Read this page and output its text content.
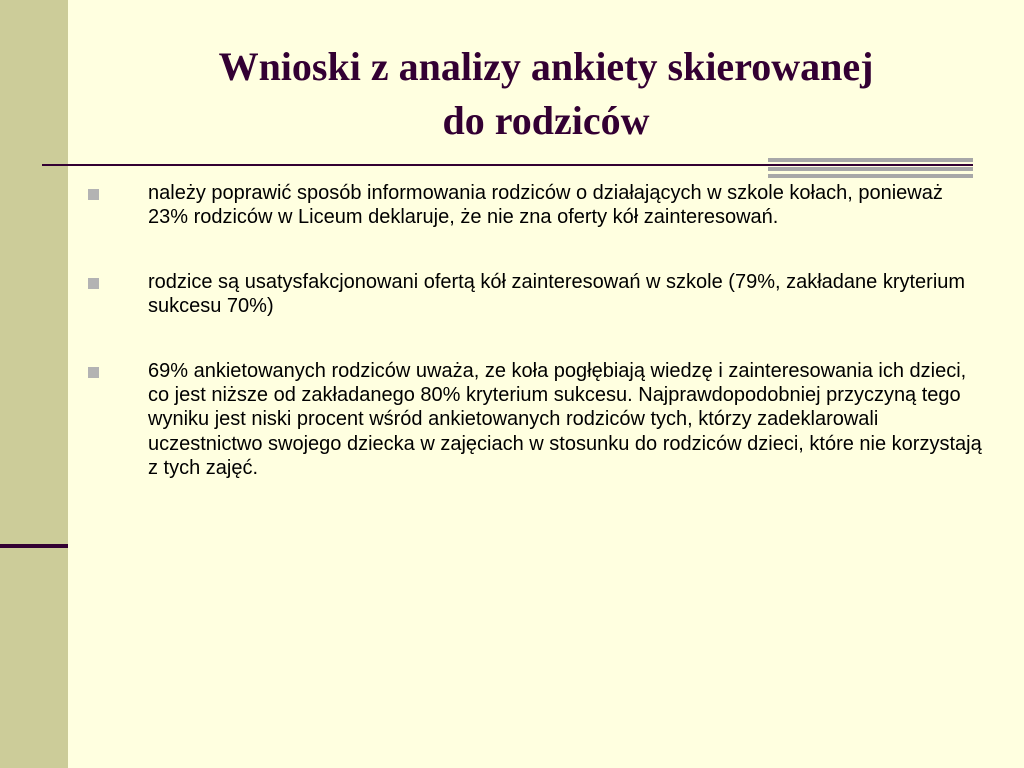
Wnioski z analizy ankiety skierowanej
do rodziców
należy poprawić sposób informowania rodziców o działających w szkole kołach, ponieważ 23% rodziców w Liceum deklaruje, że nie zna oferty kół zainteresowań.
rodzice są usatysfakcjonowani ofertą kół zainteresowań w szkole (79%, zakładane kryterium sukcesu 70%)
69% ankietowanych rodziców uważa, ze koła pogłębiają wiedzę i zainteresowania ich dzieci, co jest niższe od zakładanego 80% kryterium sukcesu. Najprawdopodobniej przyczyną tego wyniku jest niski procent wśród ankietowanych rodziców tych, którzy zadeklarowali uczestnictwo swojego dziecka w zajęciach w stosunku do rodziców dzieci, które nie korzystają z tych zajęć.
